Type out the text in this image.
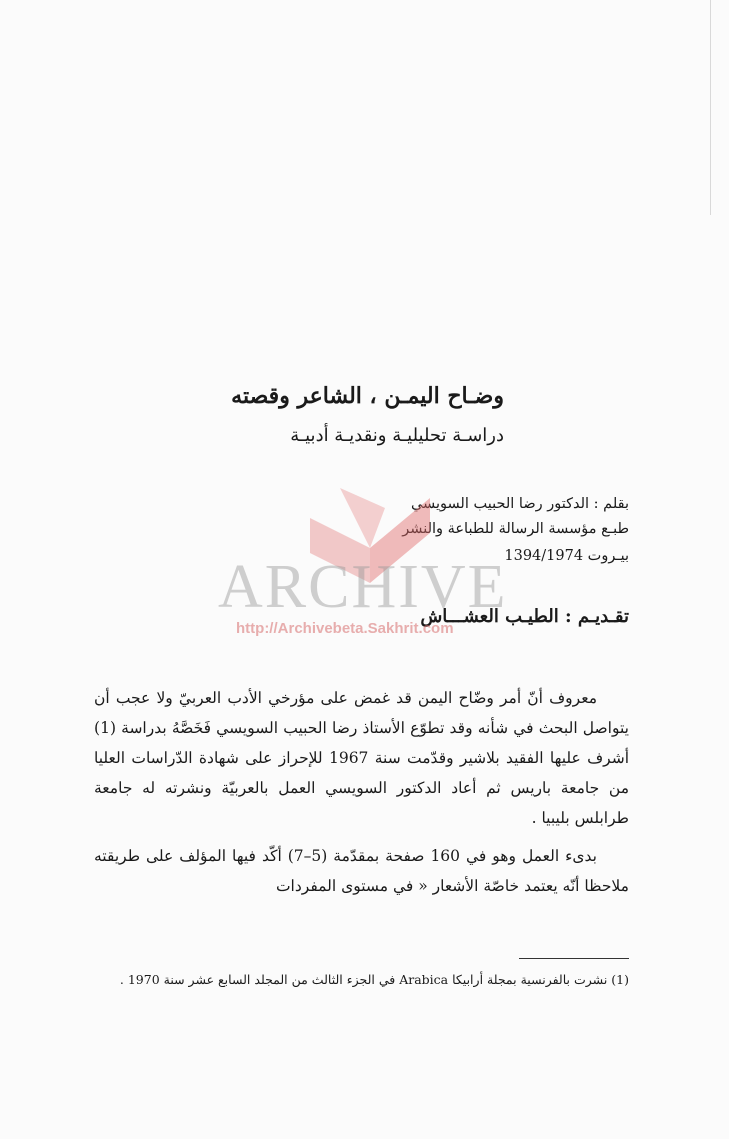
وضـاح اليمـن ، الشاعر وقصته
دراسـة تحليليـة ونقديـة أدبيـة
بقلم : الدكتور رضا الحبيب السويسي
طبـع مؤسسة الرسالة للطباعة والنشر
بيـروت 1394/1974
تقـديـم : الطيـب العشـــاش

معروف أنّ أمر وضّاح اليمن قد غمض على مؤرخي الأدب العربيّ ولا عجب أن يتواصل البحث في شأنه وقد تطوّع الأستاذ رضا الحبيب السويسي فَخَصَّهُ بدراسة (1) أشرف عليها الفقيد بلاشير وقدّمت سنة 1967 للإحراز على شهادة الدّراسات العليا من جامعة باريس ثم أعاد الدكتور السويسي العمل بالعربيّة ونشرته له جامعة طرابلس بليبيا .

بدىء العمل وهو في 160 صفحة بمقدّمة (5–7) أكّد فيها المؤلف على طريقته ملاحظا أنّه يعتمد خاصّة الأشعار « في مستوى المفردات

(1) نشرت بالفرنسية بمجلة أرابيكا Arabica في الجزء الثالث من المجلد السابع عشر سنة 1970 .
ARCHIVE
http://Archivebeta.Sakhrit.com
